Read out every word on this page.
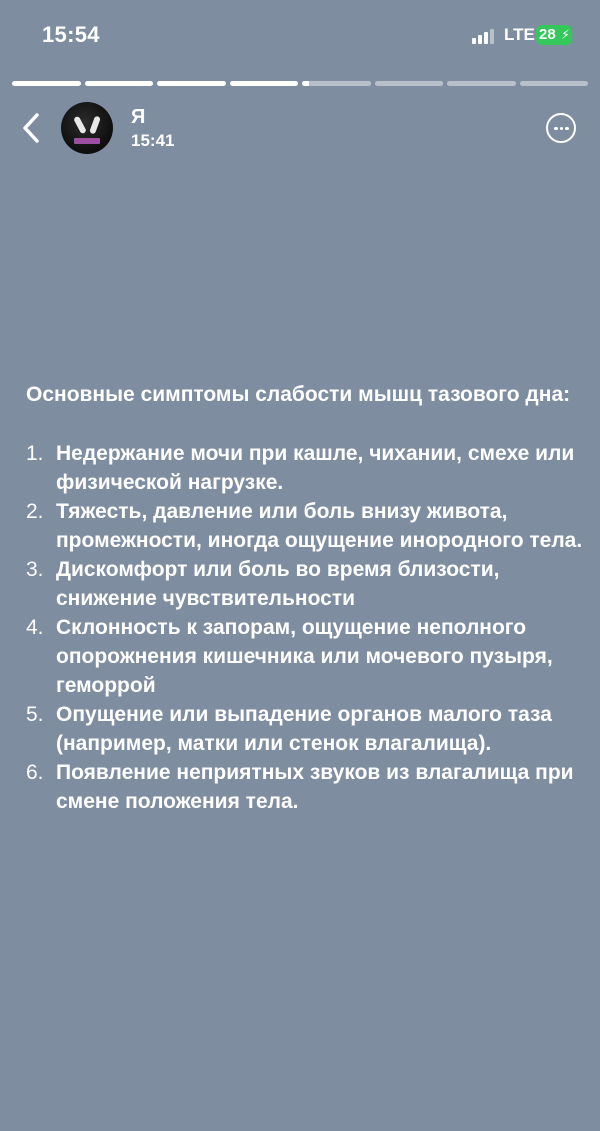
15:54	LTE 28 ⚡
Я
15:41

Основные симптомы слабости мышц тазового дна:

1. Недержание мочи при кашле, чихании, смехе или физической нагрузке.
2. Тяжесть, давление или боль внизу живота, промежности, иногда ощущение инородного тела.
3. Дискомфорт или боль во время близости, снижение чувствительности
4. Склонность к запорам, ощущение неполного опорожнения кишечника или мочевого пузыря, геморрой
5. Опущение или выпадение органов малого таза (например, матки или стенок влагалища).
6. Появление неприятных звуков из влагалища при смене положения тела.
